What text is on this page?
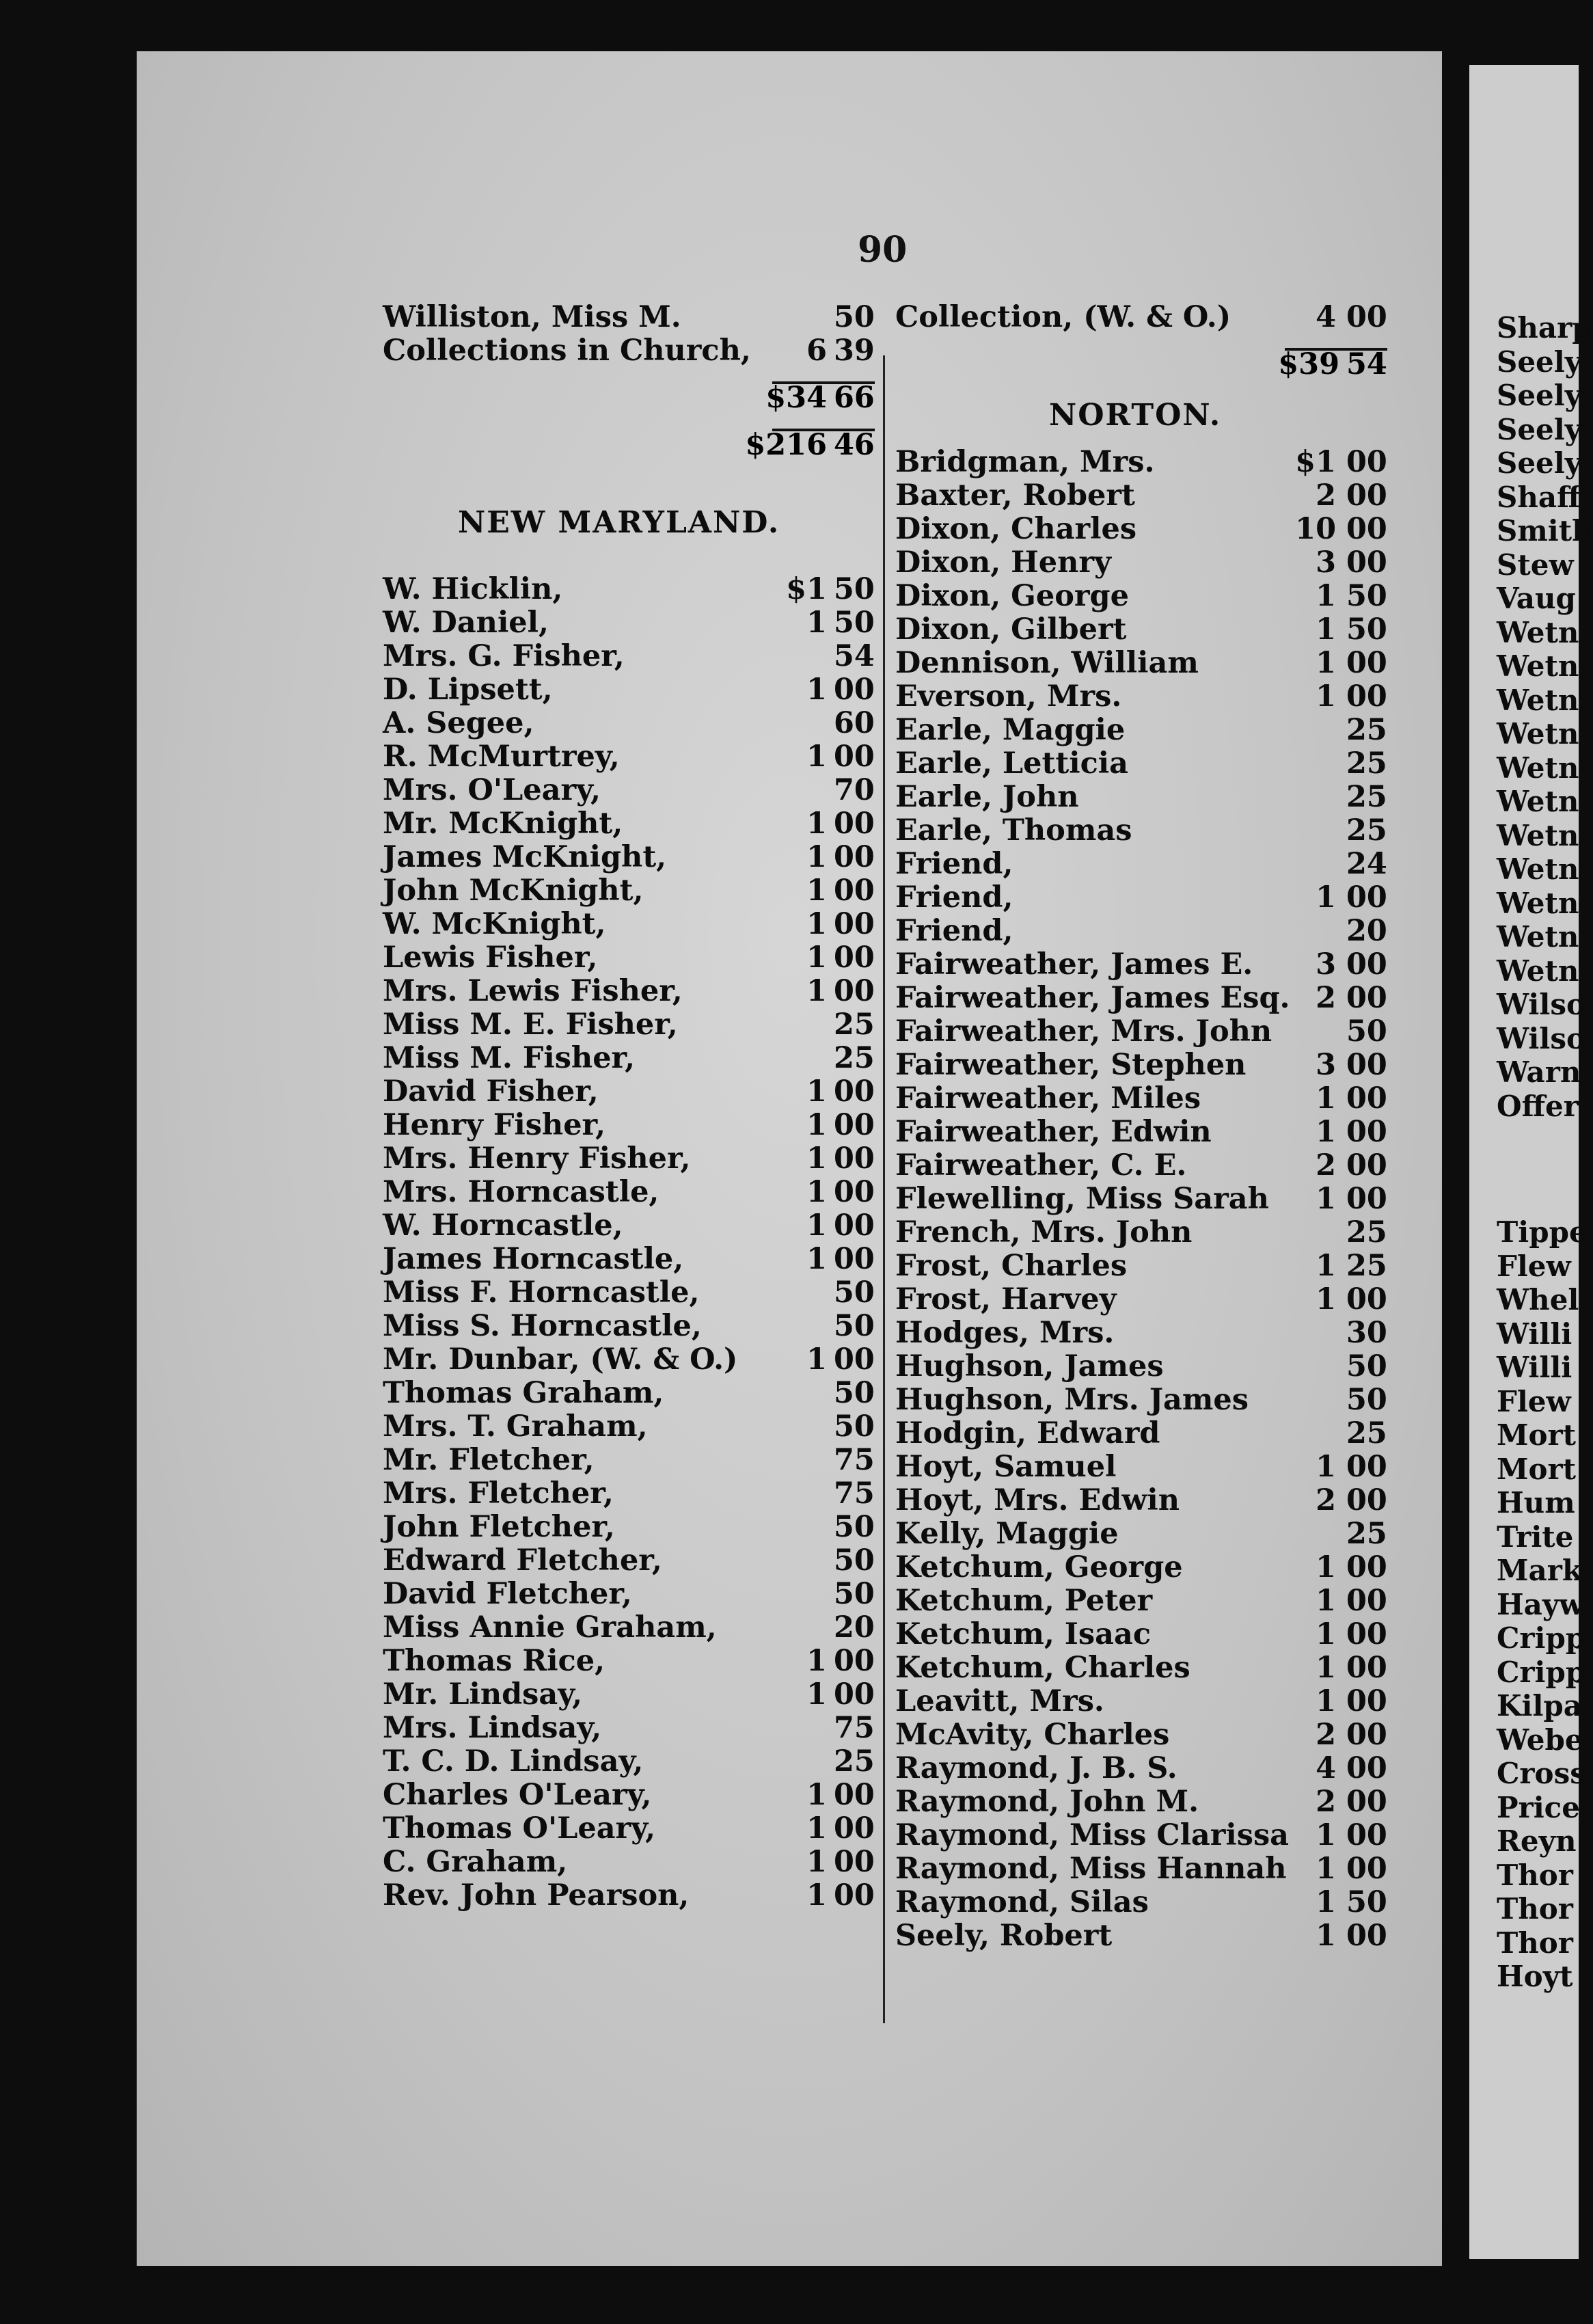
90
Williston, Miss M.	50
Collections in Church, 6 39
$34 66
$216 46
NEW MARYLAND.
W. Hicklin,	$1 50
W. Daniel,	1 50
Mrs. G. Fisher,	54
D. Lipsett,	1 00
A. Segee,	60
R. McMurtrey,	1 00
Mrs. O'Leary,	70
Mr. McKnight,	1 00
James McKnight,	1 00
John McKnight,	1 00
W. McKnight,	1 00
Lewis Fisher,	1 00
Mrs. Lewis Fisher,	1 00
Miss M. E. Fisher,	25
Miss M. Fisher,	25
David Fisher,	1 00
Henry Fisher,	1 00
Mrs. Henry Fisher,	1 00
Mrs. Horncastle,	1 00
W. Horncastle,	1 00
James Horncastle,	1 00
Miss F. Horncastle,	50
Miss S. Horncastle,	50
Mr. Dunbar, (W. & O.) 1 00
Thomas Graham,	50
Mrs. T. Graham,	50
Mr. Fletcher,	75
Mrs. Fletcher,	75
John Fletcher,	50
Edward Fletcher,	50
David Fletcher,	50
Miss Annie Graham,	20
Thomas Rice,	1 00
Mr. Lindsay,	1 00
Mrs. Lindsay,	75
T. C. D. Lindsay,	25
Charles O'Leary,	1 00
Thomas O'Leary,	1 00
C. Graham,	1 00
Rev. John Pearson,	1 00
Collection, (W. & O.)	4 00
$39 54
NORTON.
Bridgman, Mrs.	$1 00
Baxter, Robert	2 00
Dixon, Charles	10 00
Dixon, Henry	3 00
Dixon, George	1 50
Dixon, Gilbert	1 50
Dennison, William	1 00
Everson, Mrs.	1 00
Earle, Maggie	25
Earle, Letticia	25
Earle, John	25
Earle, Thomas	25
Friend,	24
Friend,	1 00
Friend,	20
Fairweather, James E. 3 00
Fairweather, James Esq. 2 00
Fairweather, Mrs. John	50
Fairweather, Stephen 3 00
Fairweather, Miles	1 00
Fairweather, Edwin	1 00
Fairweather, C. E.	2 00
Flewelling, Miss Sarah 1 00
French, Mrs. John	25
Frost, Charles	1 25
Frost, Harvey	1 00
Hodges, Mrs.	30
Hughson, James	50
Hughson, Mrs. James	50
Hodgin, Edward	25
Hoyt, Samuel	1 00
Hoyt, Mrs. Edwin	2 00
Kelly, Maggie	25
Ketchum, George	1 00
Ketchum, Peter	1 00
Ketchum, Isaac	1 00
Ketchum, Charles	1 00
Leavitt, Mrs.	1 00
McAvity, Charles	2 00
Raymond, J. B. S.	4 00
Raymond, John M.	2 00
Raymond, Miss Clarissa 1 00
Raymond, Miss Hannah 1 00
Raymond, Silas	1 50
Seely, Robert	1 00
Sharp
Seely
Seely
Seely
Seely
Shaff
Smith
Stew
Vaug
Wetn
Wetn
Wetn
Wetn
Wetn
Wetn
Wetn
Wetn
Wetn
Wetn
Wetn
Wilso
Wilso
Warn
Offer
Tippe
Flew
Whel
Willi
Willi
Flew
Mort
Mort
Hum
Trite
Mark
Hayw
Cripp
Cripp
Kilpa
Webe
Cross
Price
Reyn
Thor
Thor
Thor
Hoyt
